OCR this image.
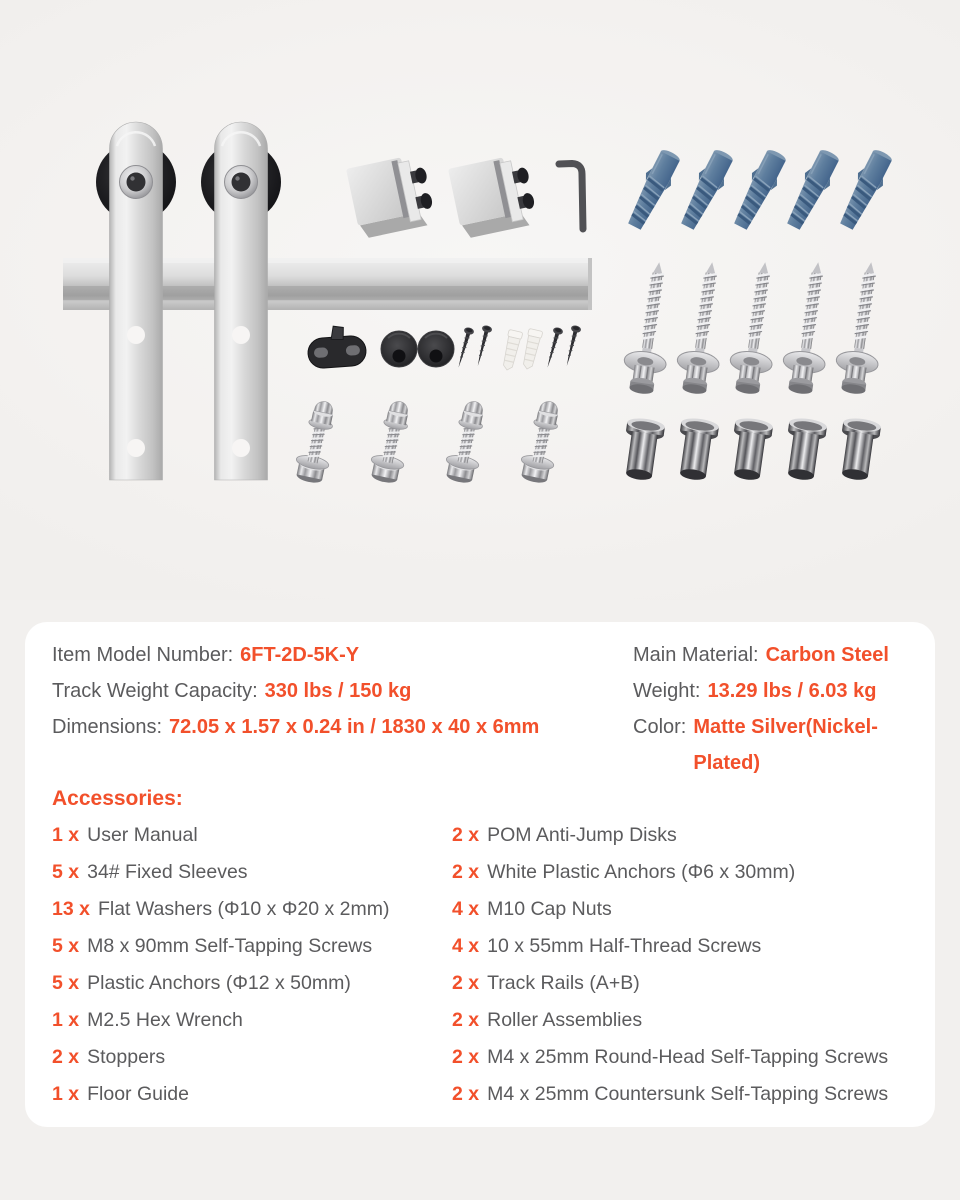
Item Model Number: 6FT-2D-5K-Y
Track Weight Capacity: 330 lbs / 150 kg
Dimensions: 72.05 x 1.57 x 0.24 in / 1830 x 40 x 6mm
Main Material: Carbon Steel
Weight: 13.29 lbs / 6.03 kg
Color: Matte Silver(Nickel-Plated)
Accessories:
1 x User Manual
5 x 34# Fixed Sleeves
13 x Flat Washers (Φ10 x Φ20 x 2mm)
5 x M8 x 90mm Self-Tapping Screws
5 x Plastic Anchors (Φ12 x 50mm)
1 x M2.5 Hex Wrench
2 x Stoppers
1 x Floor Guide
2 x POM Anti-Jump Disks
2 x White Plastic Anchors (Φ6 x 30mm)
4 x M10 Cap Nuts
4 x 10 x 55mm Half-Thread Screws
2 x Track Rails (A+B)
2 x Roller Assemblies
2 x M4 x 25mm Round-Head Self-Tapping Screws
2 x M4 x 25mm Countersunk Self-Tapping Screws
